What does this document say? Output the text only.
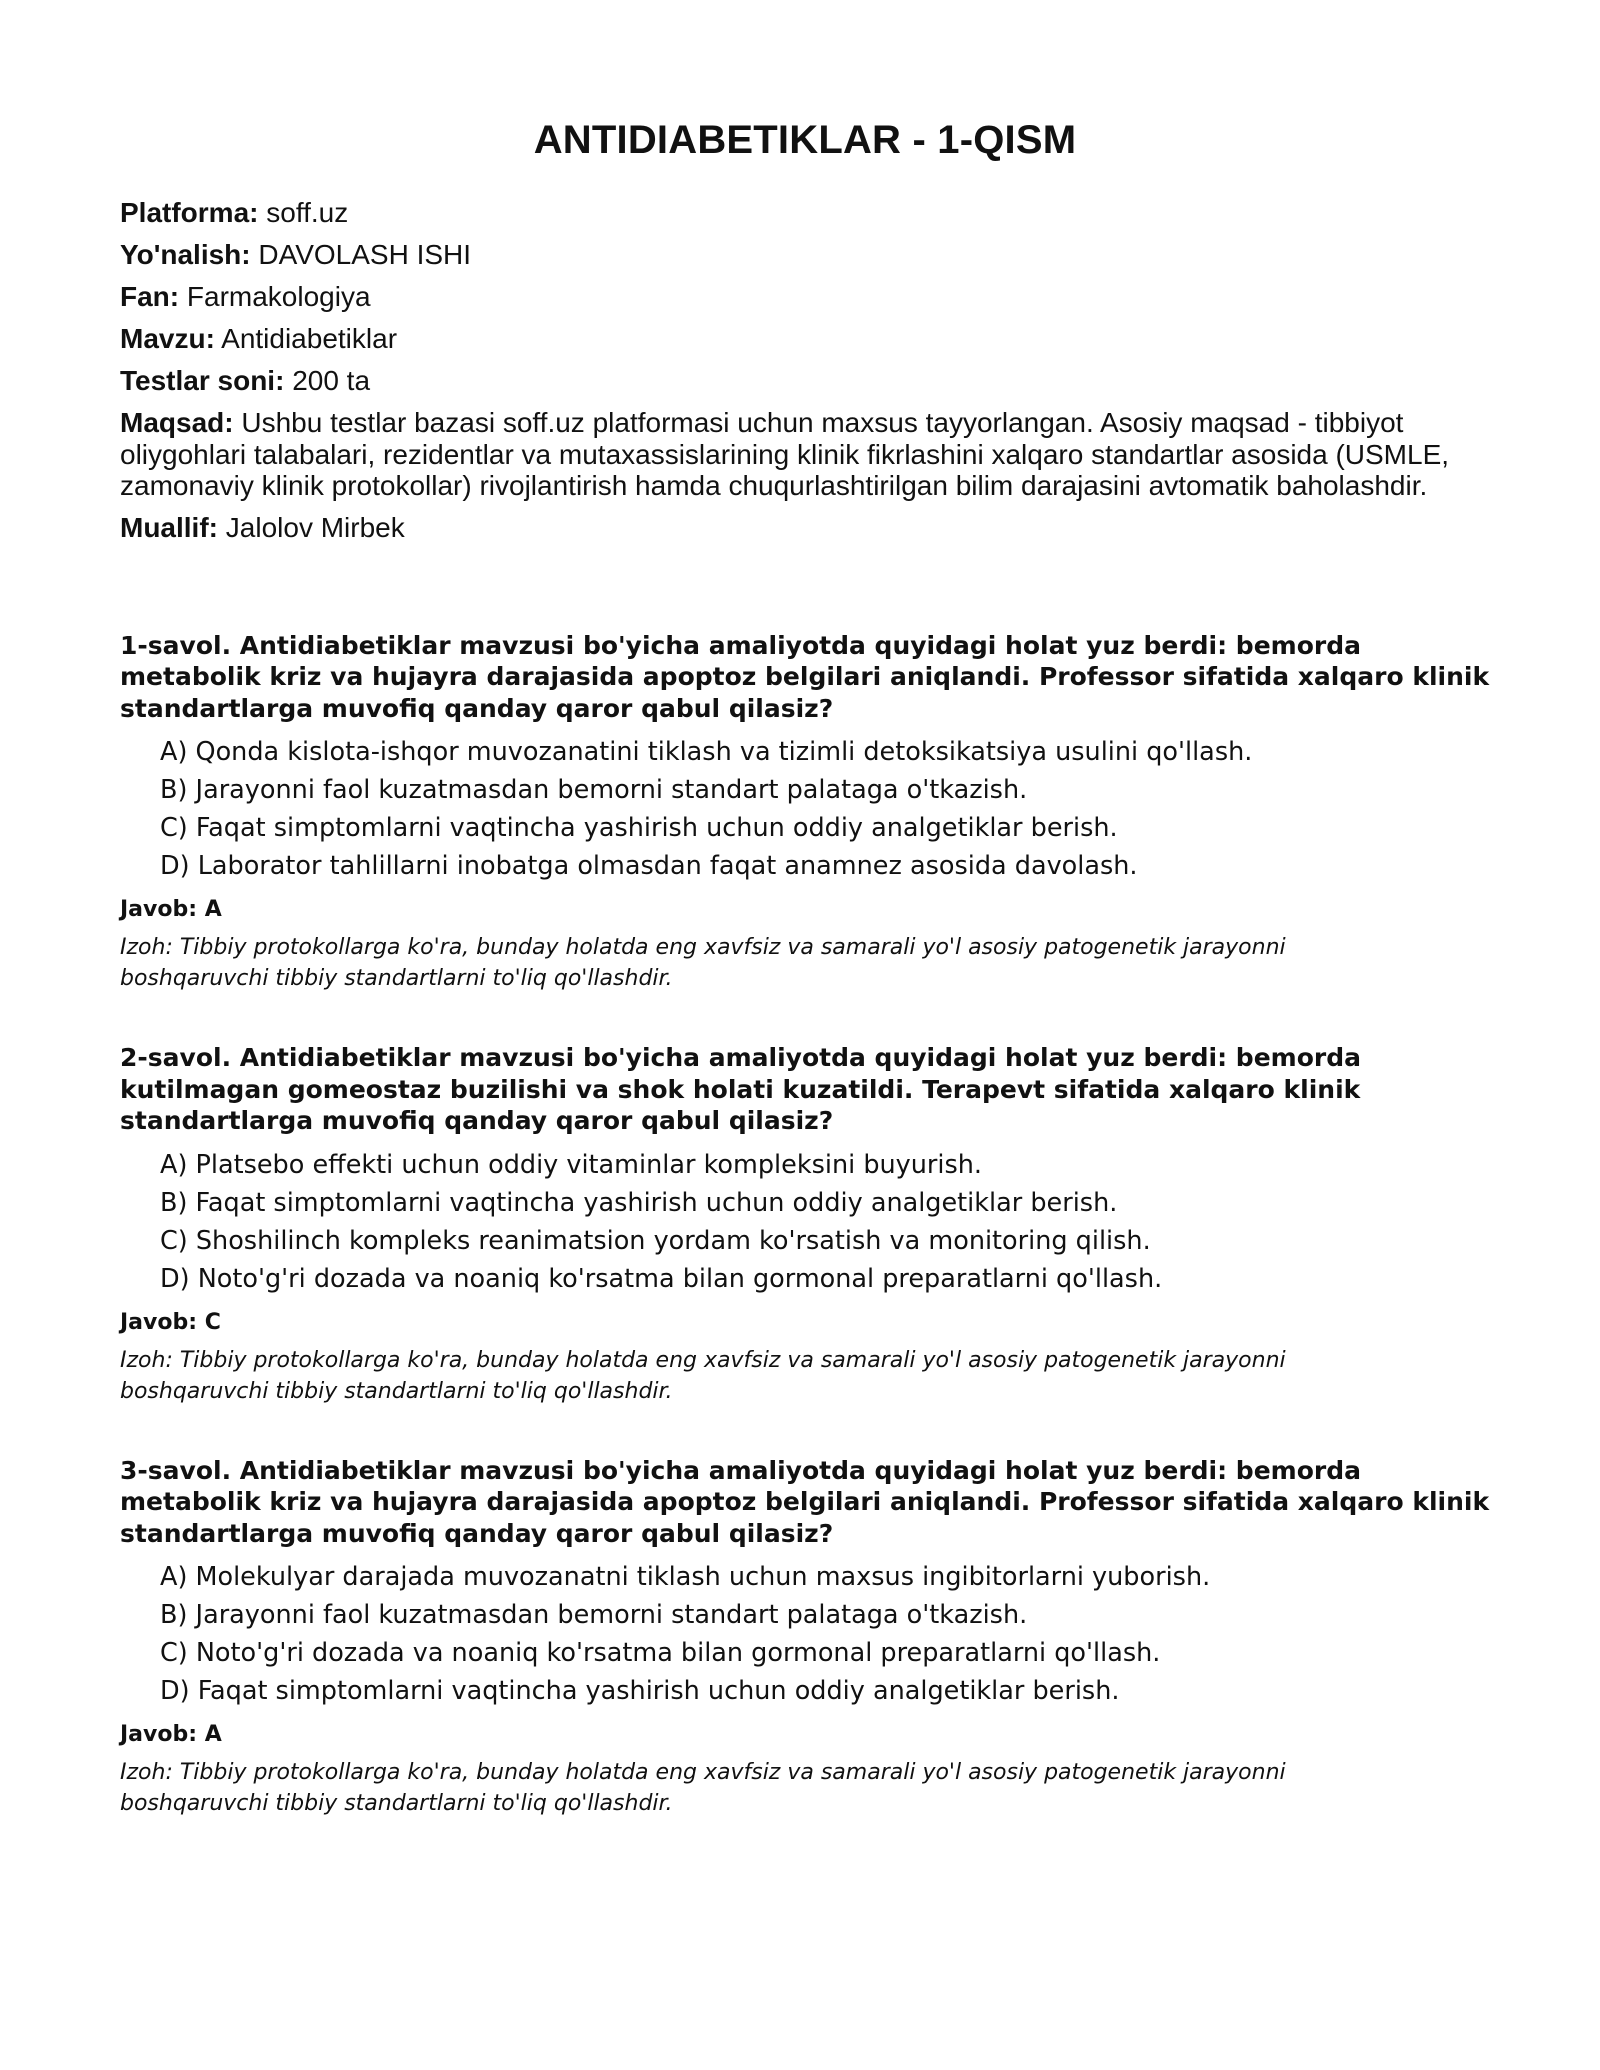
ANTIDIABETIKLAR - 1-QISM

Platforma: soff.uz

Yo'nalish: DAVOLASH ISHI

Fan: Farmakologiya

Mavzu: Antidiabetiklar

Testlar soni: 200 ta

Maqsad: Ushbu testlar bazasi soff.uz platformasi uchun maxsus tayyorlangan. Asosiy maqsad - tibbiyot oliygohlari talabalari, rezidentlar va mutaxassislarining klinik fikrlashini xalqaro standartlar asosida (USMLE, zamonaviy klinik protokollar) rivojlantirish hamda chuqurlashtirilgan bilim darajasini avtomatik baholashdir.

Muallif: Jalolov Mirbek

1-savol. Antidiabetiklar mavzusi bo'yicha amaliyotda quyidagi holat yuz berdi: bemorda metabolik kriz va hujayra darajasida apoptoz belgilari aniqlandi. Professor sifatida xalqaro klinik standartlarga muvofiq qanday qaror qabul qilasiz?

A) Qonda kislota-ishqor muvozanatini tiklash va tizimli detoksikatsiya usulini qo'llash.
B) Jarayonni faol kuzatmasdan bemorni standart palataga o'tkazish.
C) Faqat simptomlarni vaqtincha yashirish uchun oddiy analgetiklar berish.
D) Laborator tahlillarni inobatga olmasdan faqat anamnez asosida davolash.

Javob: A

Izoh: Tibbiy protokollarga ko'ra, bunday holatda eng xavfsiz va samarali yo'l asosiy patogenetik jarayonni boshqaruvchi tibbiy standartlarni to'liq qo'llashdir.

2-savol. Antidiabetiklar mavzusi bo'yicha amaliyotda quyidagi holat yuz berdi: bemorda kutilmagan gomeostaz buzilishi va shok holati kuzatildi. Terapevt sifatida xalqaro klinik standartlarga muvofiq qanday qaror qabul qilasiz?

A) Platsebo effekti uchun oddiy vitaminlar kompleksini buyurish.
B) Faqat simptomlarni vaqtincha yashirish uchun oddiy analgetiklar berish.
C) Shoshilinch kompleks reanimatsion yordam ko'rsatish va monitoring qilish.
D) Noto'g'ri dozada va noaniq ko'rsatma bilan gormonal preparatlarni qo'llash.

Javob: C

Izoh: Tibbiy protokollarga ko'ra, bunday holatda eng xavfsiz va samarali yo'l asosiy patogenetik jarayonni boshqaruvchi tibbiy standartlarni to'liq qo'llashdir.

3-savol. Antidiabetiklar mavzusi bo'yicha amaliyotda quyidagi holat yuz berdi: bemorda metabolik kriz va hujayra darajasida apoptoz belgilari aniqlandi. Professor sifatida xalqaro klinik standartlarga muvofiq qanday qaror qabul qilasiz?

A) Molekulyar darajada muvozanatni tiklash uchun maxsus ingibitorlarni yuborish.
B) Jarayonni faol kuzatmasdan bemorni standart palataga o'tkazish.
C) Noto'g'ri dozada va noaniq ko'rsatma bilan gormonal preparatlarni qo'llash.
D) Faqat simptomlarni vaqtincha yashirish uchun oddiy analgetiklar berish.

Javob: A

Izoh: Tibbiy protokollarga ko'ra, bunday holatda eng xavfsiz va samarali yo'l asosiy patogenetik jarayonni boshqaruvchi tibbiy standartlarni to'liq qo'llashdir.
